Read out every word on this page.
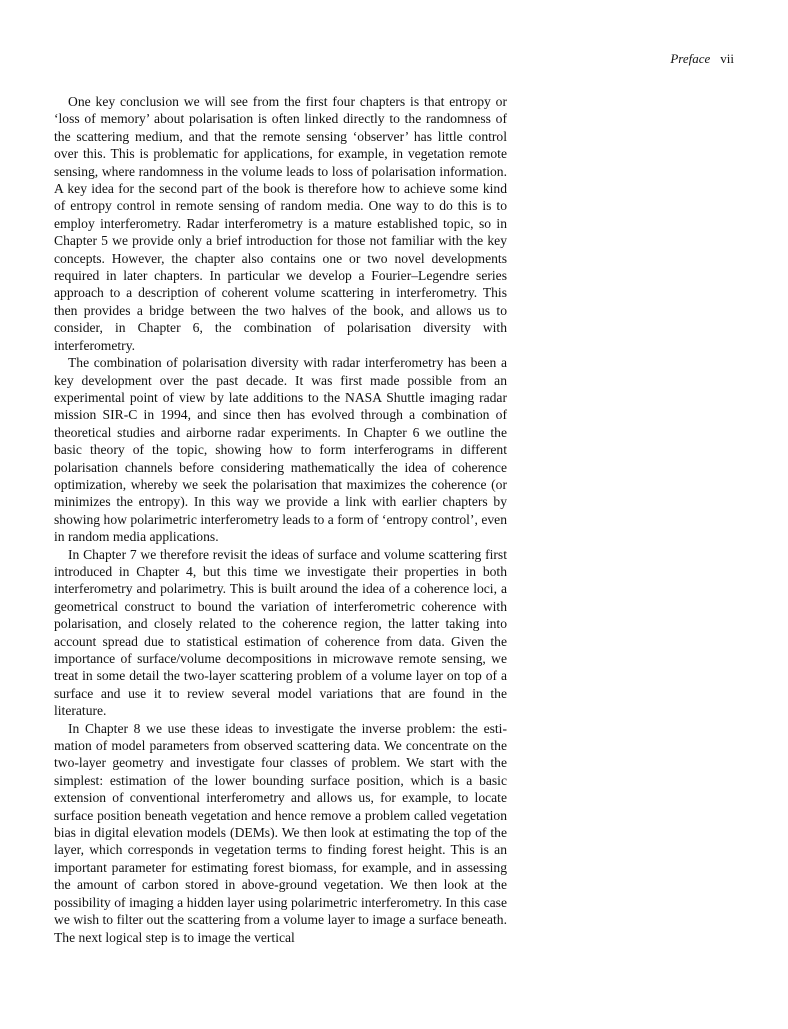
Preface vii

One key conclusion we will see from the first four chapters is that entropy or ‘loss of memory’ about polarisation is often linked directly to the randomness of the scattering medium, and that the remote sensing ‘observer’ has little control over this. This is problematic for applications, for example, in vegetation remote sensing, where randomness in the volume leads to loss of polarisation information. A key idea for the second part of the book is therefore how to achieve some kind of entropy control in remote sensing of random media. One way to do this is to employ interferometry. Radar interferometry is a mature established topic, so in Chapter 5 we provide only a brief introduction for those not familiar with the key concepts. However, the chapter also contains one or two novel developments required in later chapters. In particular we develop a Fourier–Legendre series approach to a description of coherent volume scattering in interferometry. This then provides a bridge between the two halves of the book, and allows us to consider, in Chapter 6, the combination of polarisation diversity with interferometry.

The combination of polarisation diversity with radar interferometry has been a key development over the past decade. It was first made possible from an experimental point of view by late additions to the NASA Shuttle imaging radar mission SIR-C in 1994, and since then has evolved through a combination of theoretical studies and airborne radar experiments. In Chapter 6 we outline the basic theory of the topic, showing how to form interferograms in different polarisation channels before considering mathematically the idea of coherence optimization, whereby we seek the polarisation that maximizes the coherence (or minimizes the entropy). In this way we provide a link with earlier chapters by showing how polarimetric interferometry leads to a form of ‘entropy control’, even in random media applications.

In Chapter 7 we therefore revisit the ideas of surface and volume scattering first introduced in Chapter 4, but this time we investigate their properties in both interferometry and polarimetry. This is built around the idea of a coherence loci, a geometrical construct to bound the variation of interferometric coherence with polarisation, and closely related to the coherence region, the latter taking into account spread due to statistical estimation of coherence from data. Given the importance of surface/volume decompositions in microwave remote sensing, we treat in some detail the two-layer scattering problem of a volume layer on top of a surface and use it to review several model variations that are found in the literature.

In Chapter 8 we use these ideas to investigate the inverse problem: the estimation of model parameters from observed scattering data. We concentrate on the two-layer geometry and investigate four classes of problem. We start with the simplest: estimation of the lower bounding surface position, which is a basic extension of conventional interferometry and allows us, for example, to locate surface position beneath vegetation and hence remove a problem called vegetation bias in digital elevation models (DEMs). We then look at estimating the top of the layer, which corresponds in vegetation terms to finding forest height. This is an important parameter for estimating forest biomass, for example, and in assessing the amount of carbon stored in above-ground vegetation. We then look at the possibility of imaging a hidden layer using polarimetric interferometry. In this case we wish to filter out the scattering from a volume layer to image a surface beneath. The next logical step is to image the vertical
